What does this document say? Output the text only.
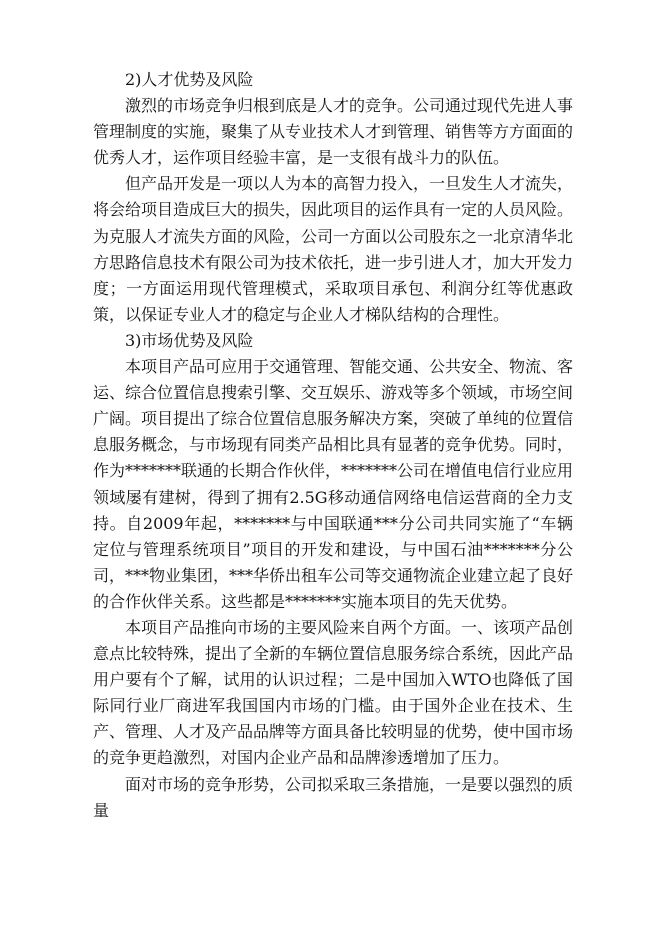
2)人才优势及风险

激烈的市场竞争归根到底是人才的竞争。公司通过现代先进人事管理制度的实施，聚集了从专业技术人才到管理、销售等方方面面的优秀人才，运作项目经验丰富，是一支很有战斗力的队伍。

但产品开发是一项以人为本的高智力投入，一旦发生人才流失，将会给项目造成巨大的损失，因此项目的运作具有一定的人员风险。为克服人才流失方面的风险，公司一方面以公司股东之一北京清华北方思路信息技术有限公司为技术依托，进一步引进人才，加大开发力度；一方面运用现代管理模式，采取项目承包、利润分红等优惠政策，以保证专业人才的稳定与企业人才梯队结构的合理性。

3)市场优势及风险

本项目产品可应用于交通管理、智能交通、公共安全、物流、客运、综合位置信息搜索引擎、交互娱乐、游戏等多个领域，市场空间广阔。项目提出了综合位置信息服务解决方案，突破了单纯的位置信息服务概念，与市场现有同类产品相比具有显著的竞争优势。同时，作为*******联通的长期合作伙伴，*******公司在增值电信行业应用领域屡有建树，得到了拥有2.5G移动通信网络电信运营商的全力支持。自2009年起，*******与中国联通***分公司共同实施了“车辆定位与管理系统项目”项目的开发和建设，与中国石油*******分公司，***物业集团，***华侨出租车公司等交通物流企业建立起了良好的合作伙伴关系。这些都是*******实施本项目的先天优势。

本项目产品推向市场的主要风险来自两个方面。一、该项产品创意点比较特殊，提出了全新的车辆位置信息服务综合系统，因此产品用户要有个了解，试用的认识过程；二是中国加入WTO也降低了国际同行业厂商进军我国国内市场的门槛。由于国外企业在技术、生产、管理、人才及产品品牌等方面具备比较明显的优势，使中国市场的竞争更趋激烈，对国内企业产品和品牌渗透增加了压力。

面对市场的竞争形势，公司拟采取三条措施，一是要以强烈的质量
